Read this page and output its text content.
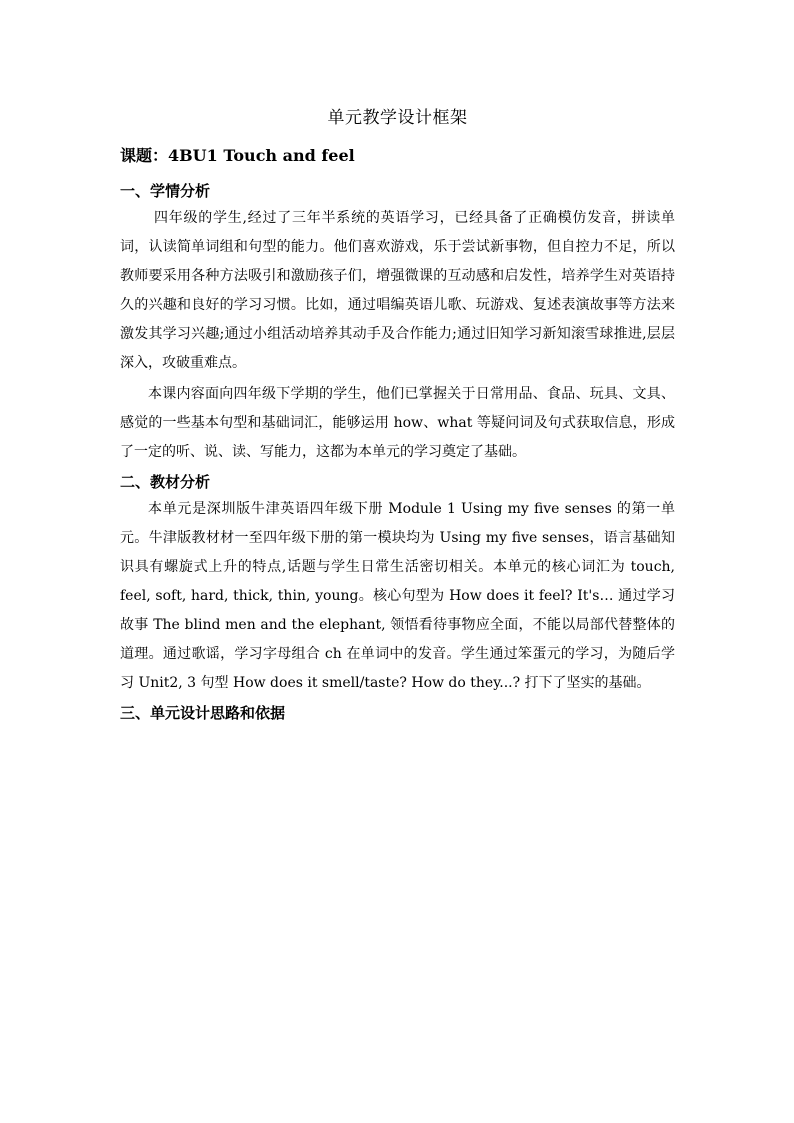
单元教学设计框架
课题：4BU1 Touch and feel
一、学情分析

四年级的学生,经过了三年半系统的英语学习，已经具备了正确模仿发音，拼读单词，认读简单词组和句型的能力。他们喜欢游戏，乐于尝试新事物，但自控力不足，所以教师要采用各种方法吸引和激励孩子们，增强微课的互动感和启发性，培养学生对英语持久的兴趣和良好的学习习惯。比如，通过唱编英语儿歌、玩游戏、复述表演故事等方法来激发其学习兴趣;通过小组活动培养其动手及合作能力;通过旧知学习新知滚雪球推进,层层深入，攻破重难点。

本课内容面向四年级下学期的学生，他们已掌握关于日常用品、食品、玩具、文具、感觉的一些基本句型和基础词汇，能够运用 how、what 等疑问词及句式获取信息，形成了一定的听、说、读、写能力，这都为本单元的学习奠定了基础。

二、教材分析

本单元是深圳版牛津英语四年级下册 Module 1 Using my five senses 的第一单元。牛津版教材材一至四年级下册的第一模块均为 Using my five senses，语言基础知识具有螺旋式上升的特点,话题与学生日常生活密切相关。本单元的核心词汇为 touch, feel, soft, hard, thick, thin, young。核心句型为 How does it feel? It's… 通过学习故事 The blind men and the elephant, 领悟看待事物应全面，不能以局部代替整体的道理。通过歌谣，学习字母组合 ch 在单词中的发音。学生通过笨蛋元的学习，为随后学习 Unit2, 3 句型 How does it smell/taste? How do they...? 打下了坚实的基础。

三、单元设计思路和依据
